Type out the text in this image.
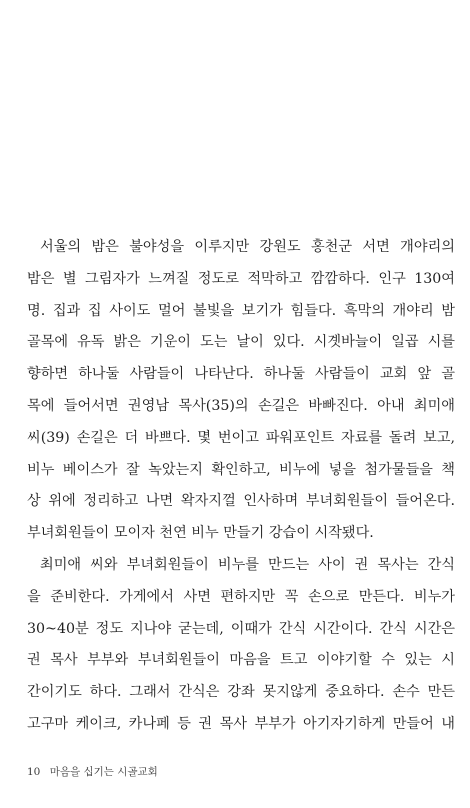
서울의 밤은 불야성을 이루지만 강원도 홍천군 서면 개야리의
밤은 별 그림자가 느껴질 정도로 적막하고 깜깜하다. 인구 130여
명. 집과 집 사이도 멀어 불빛을 보기가 힘들다. 흑막의 개야리 밤
골목에 유독 밝은 기운이 도는 날이 있다. 시곗바늘이 일곱 시를
향하면 하나둘 사람들이 나타난다. 하나둘 사람들이 교회 앞 골
목에 들어서면 권영남 목사(35)의 손길은 바빠진다. 아내 최미애
씨(39) 손길은 더 바쁘다. 몇 번이고 파워포인트 자료를 돌려 보고,
비누 베이스가 잘 녹았는지 확인하고, 비누에 넣을 첨가물들을 책
상 위에 정리하고 나면 왁자지껄 인사하며 부녀회원들이 들어온다.
부녀회원들이 모이자 천연 비누 만들기 강습이 시작됐다.
최미애 씨와 부녀회원들이 비누를 만드는 사이 권 목사는 간식
을 준비한다. 가게에서 사면 편하지만 꼭 손으로 만든다. 비누가
30~40분 정도 지나야 굳는데, 이때가 간식 시간이다. 간식 시간은
권 목사 부부와 부녀회원들이 마음을 트고 이야기할 수 있는 시
간이기도 하다. 그래서 간식은 강좌 못지않게 중요하다. 손수 만든
고구마 케이크, 카나페 등 권 목사 부부가 아기자기하게 만들어 내
10 마음을 십기는 시골교회
